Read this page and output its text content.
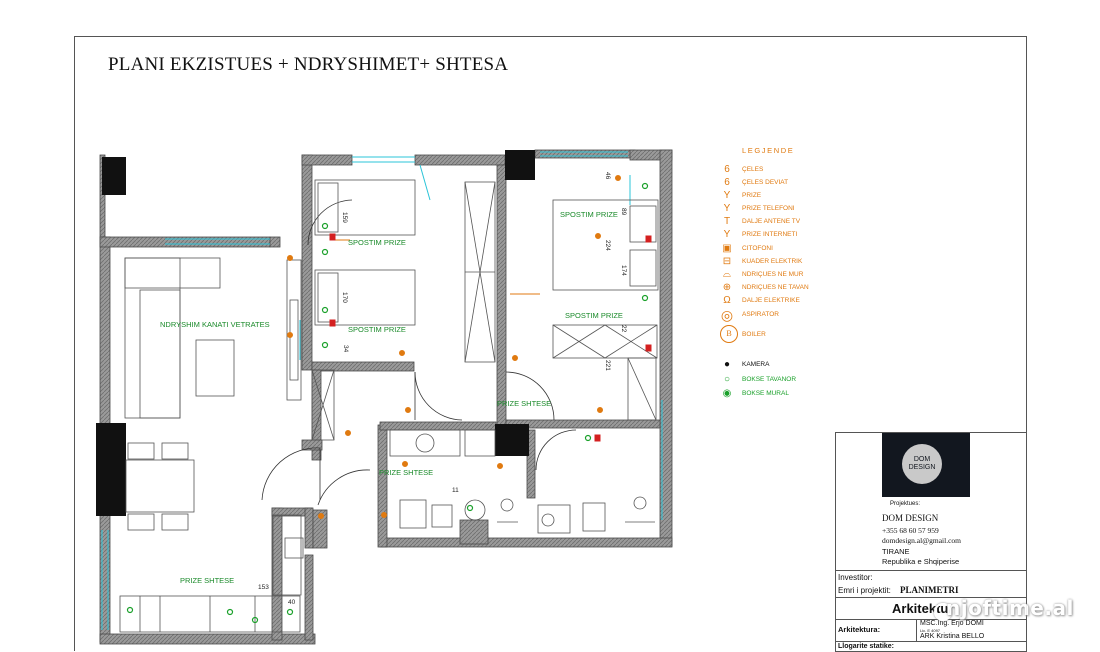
PLANI EKZISTUES + NDRYSHIMET+ SHTESA
NDRYSHIM KANATI VETRATES
SPOSTIM PRIZE
SPOSTIM PRIZE
SPOSTIM PRIZE
SPOSTIM PRIZE
PRIZE SHTESE
PRIZE SHTESE
PRIZE SHTESE
159
170
34
46
89
224
174
22
221
11
153
40
LEGJENDE
6	ÇELES
6	ÇELES DEVIAT
Y	PRIZE
Y	PRIZE TELEFONI
T	DALJE ANTENE TV
Y	PRIZE INTERNETI
▣	CITOFONI
⊟	KUADER ELEKTRIK
⌓	NDRIÇUES NE MUR
⊕	NDRIÇUES NE TAVAN
Ω	DALJE ELEKTRIKE
◎ ASPIRATOR
B	BOILER
●	KAMERA
○	BOKSE TAVANOR
◉	BOKSE MURAL
DOM
DESIGN
Projektues:
DOM DESIGN
+355 68 60 57 959
domdesign.al@gmail.com
TIRANE
Republika e Shqiperise
Investitor:
Emri i projektit: PLANIMETRI
Arkitektur
Arkitektura:
MSC.Ing. Erjo DOMI
Lic. E 4097
ARK Kristina BELLO
Llogarite statike:
njoftime.al
